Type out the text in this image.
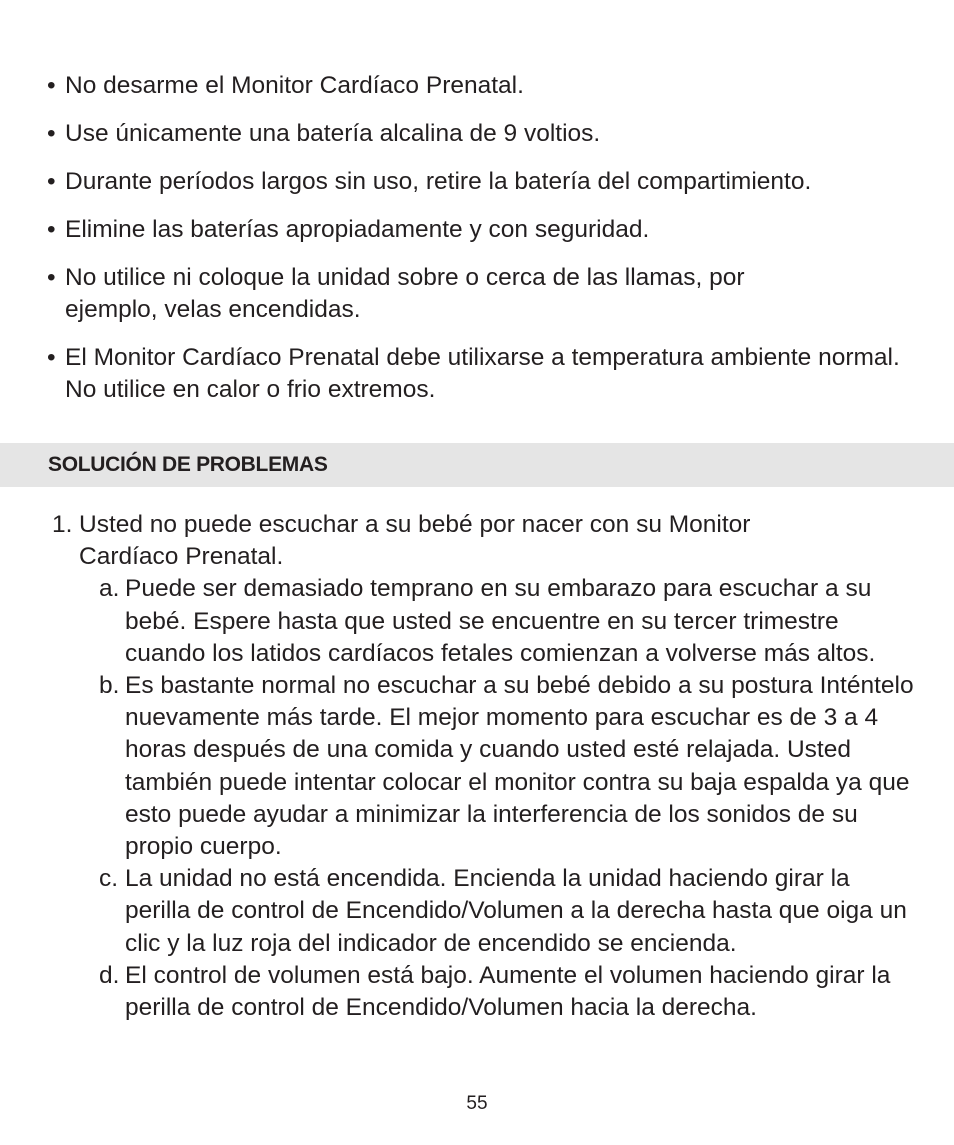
• No desarme el Monitor Cardíaco Prenatal.
• Use únicamente una batería alcalina de 9 voltios.
• Durante períodos largos sin uso, retire la batería del compartimiento.
• Elimine las baterías apropiadamente y con seguridad.
• No utilice ni coloque la unidad sobre o cerca de las llamas, por ejemplo, velas encendidas.
• El Monitor Cardíaco Prenatal debe utilixarse a temperatura ambiente normal. No utilice en calor o frio extremos.
SOLUCIÓN DE PROBLEMAS
1. Usted no puede escuchar a su bebé por nacer con su Monitor Cardíaco Prenatal.
a. Puede ser demasiado temprano en su embarazo para escuchar a su bebé. Espere hasta que usted se encuentre en su tercer trimestre cuando los latidos cardíacos fetales comienzan a volverse más altos.
b. Es bastante normal no escuchar a su bebé debido a su postura Inténtelo nuevamente más tarde. El mejor momento para escuchar es de 3 a 4 horas después de una comida y cuando usted esté relajada. Usted también puede intentar colocar el monitor contra su baja espalda ya que esto puede ayudar a minimizar la interferencia de los sonidos de su propio cuerpo.
c. La unidad no está encendida. Encienda la unidad haciendo girar la perilla de control de Encendido/Volumen a la derecha hasta que oiga un clic y la luz roja del indicador de encendido se encienda.
d. El control de volumen está bajo. Aumente el volumen haciendo girar la perilla de control de Encendido/Volumen hacia la derecha.
55
